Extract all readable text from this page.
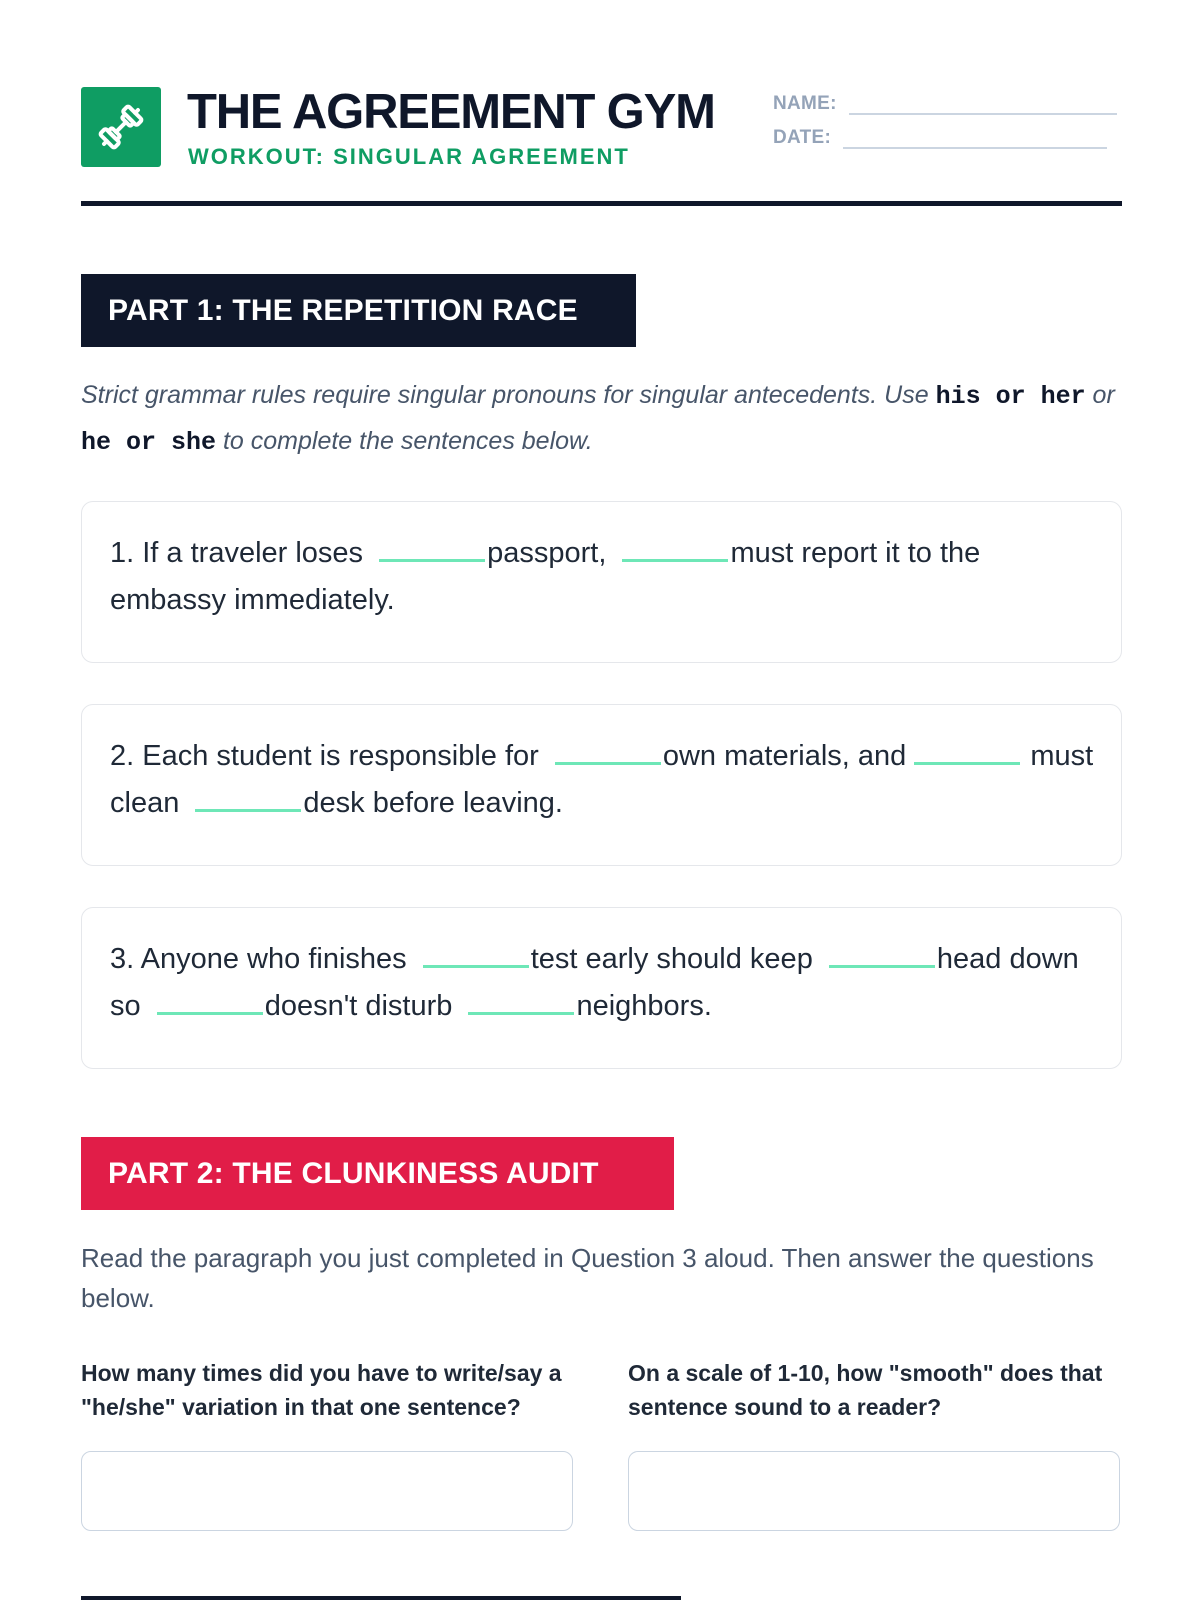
THE AGREEMENT GYM
WORKOUT: SINGULAR AGREEMENT
NAME:
DATE:
PART 1: THE REPETITION RACE
Strict grammar rules require singular pronouns for singular antecedents. Use his or her or he or she to complete the sentences below.

1. If a traveler loses	passport,	must report it to the embassy immediately.

2. Each student is responsible for	own materials, and	must clean	desk before leaving.

3. Anyone who finishes	test early should keep	head down so	doesn't disturb	neighbors.

PART 2: THE CLUNKINESS AUDIT
Read the paragraph you just completed in Question 3 aloud. Then answer the questions below.
How many times did you have to write/say a "he/she" variation in that one sentence?
On a scale of 1-10, how "smooth" does that sentence sound to a reader?
